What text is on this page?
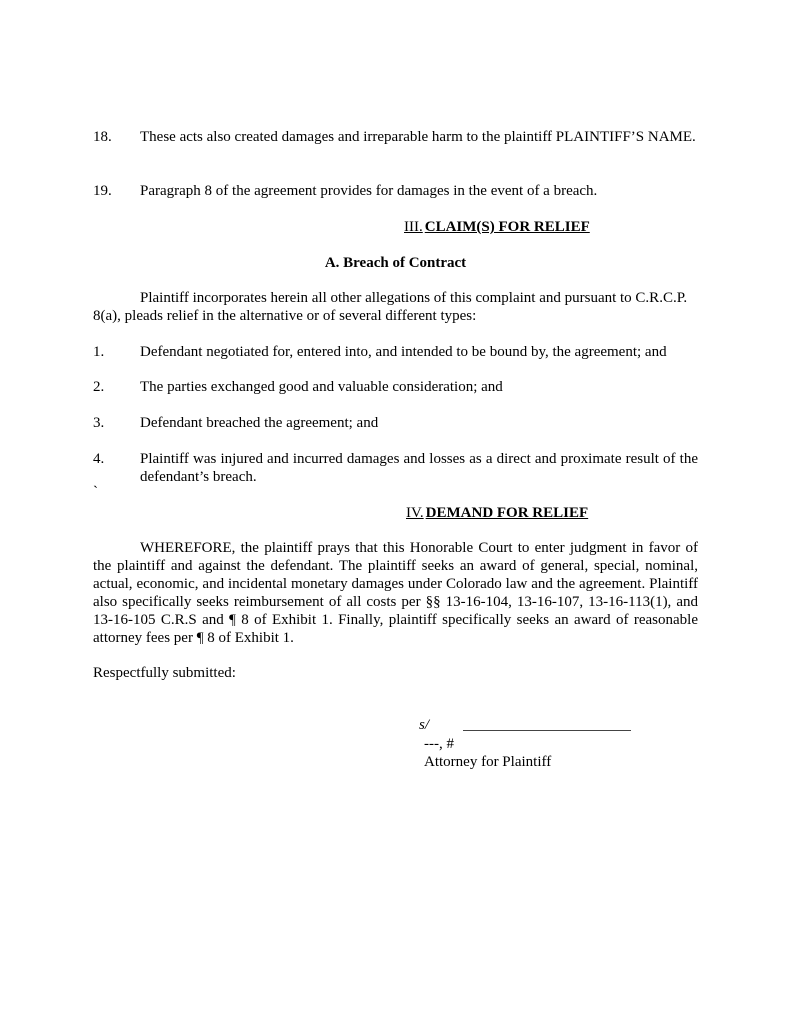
18. These acts also created damages and irreparable harm to the plaintiff PLAINTIFF’S NAME.
19. Paragraph 8 of the agreement provides for damages in the event of a breach.
III. CLAIM(S) FOR RELIEF
A. Breach of Contract
Plaintiff incorporates herein all other allegations of this complaint and pursuant to C.R.C.P. 8(a), pleads relief in the alternative or of several different types:
1. Defendant negotiated for, entered into, and intended to be bound by, the agreement; and
2. The parties exchanged good and valuable consideration; and
3. Defendant breached the agreement; and
4. Plaintiff was injured and incurred damages and losses as a direct and proximate result of the defendant’s breach.
`
IV. DEMAND FOR RELIEF
WHEREFORE, the plaintiff prays that this Honorable Court to enter judgment in favor of the plaintiff and against the defendant. The plaintiff seeks an award of general, special, nominal, actual, economic, and incidental monetary damages under Colorado law and the agreement. Plaintiff also specifically seeks reimbursement of all costs per §§ 13-16-104, 13-16-107, 13-16-113(1), and 13-16-105 C.R.S and ¶ 8 of Exhibit 1. Finally, plaintiff specifically seeks an award of reasonable attorney fees per ¶ 8 of Exhibit 1.
Respectfully submitted:
s/
---, #
Attorney for Plaintiff
